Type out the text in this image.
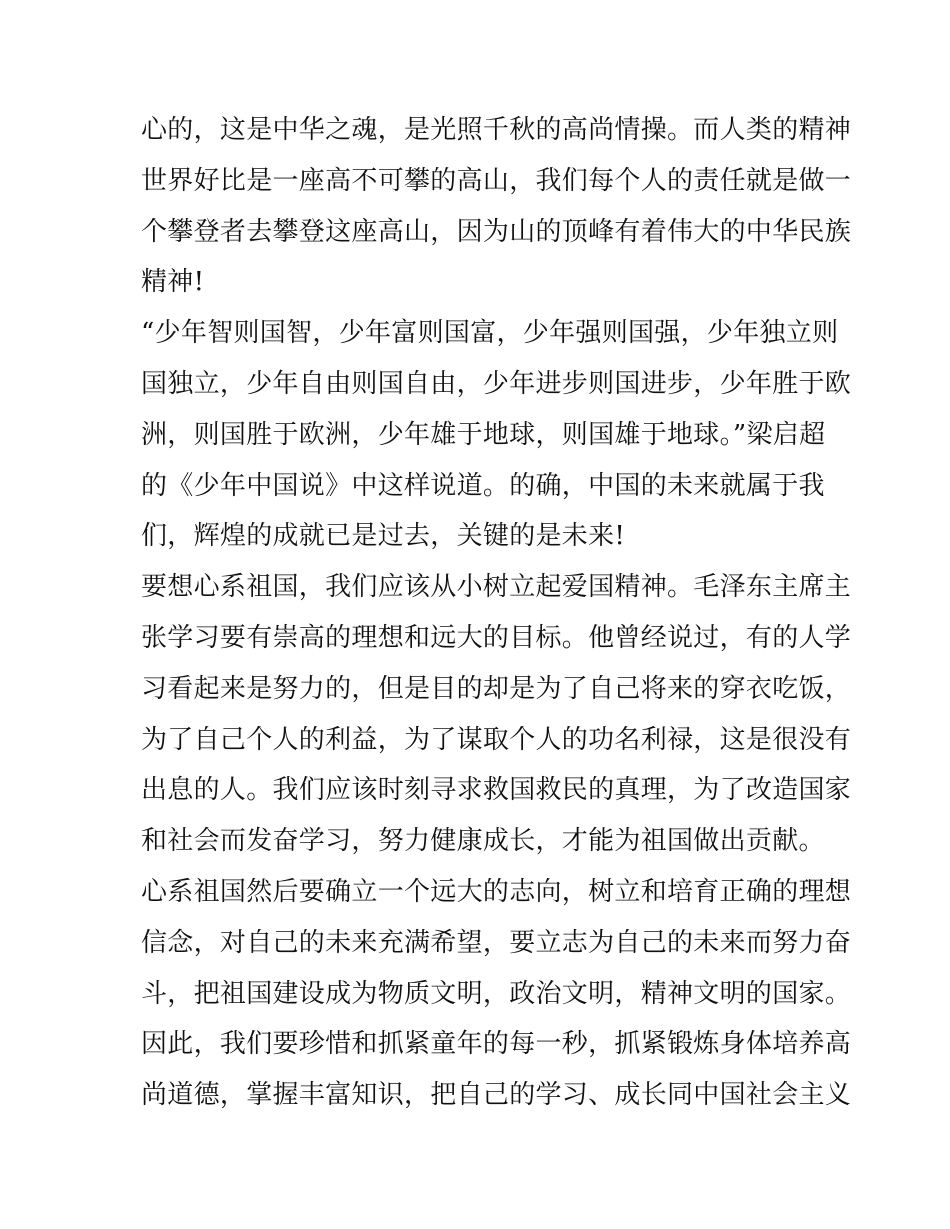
心的，这是中华之魂，是光照千秋的高尚情操。而人类的精神
世界好比是一座高不可攀的高山，我们每个人的责任就是做一
个攀登者去攀登这座高山，因为山的顶峰有着伟大的中华民族
精神!
“少年智则国智，少年富则国富，少年强则国强，少年独立则
国独立，少年自由则国自由，少年进步则国进步，少年胜于欧
洲，则国胜于欧洲，少年雄于地球，则国雄于地球。”梁启超
的《少年中国说》中这样说道。的确，中国的未来就属于我
们，辉煌的成就已是过去，关键的是未来!
要想心系祖国，我们应该从小树立起爱国精神。毛泽东主席主
张学习要有崇高的理想和远大的目标。他曾经说过，有的人学
习看起来是努力的，但是目的却是为了自己将来的穿衣吃饭，
为了自己个人的利益，为了谋取个人的功名利禄，这是很没有
出息的人。我们应该时刻寻求救国救民的真理，为了改造国家
和社会而发奋学习，努力健康成长，才能为祖国做出贡献。
心系祖国然后要确立一个远大的志向，树立和培育正确的理想
信念，对自己的未来充满希望，要立志为自己的未来而努力奋
斗，把祖国建设成为物质文明，政治文明，精神文明的国家。
因此，我们要珍惜和抓紧童年的每一秒，抓紧锻炼身体培养高
尚道德，掌握丰富知识，把自己的学习、成长同中国社会主义
